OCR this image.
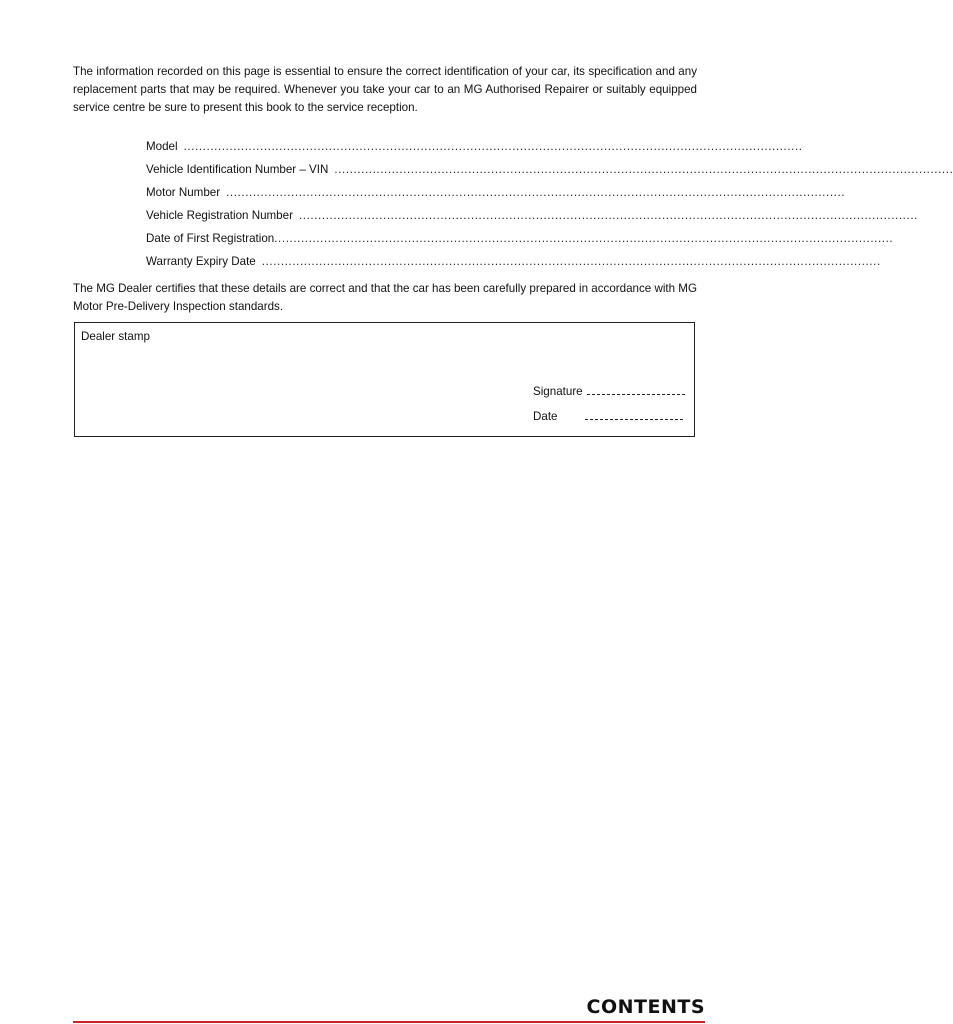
The information recorded on this page is essential to ensure the correct identification of your car, its specification and any replacement parts that may be required. Whenever you take your car to an MG Authorised Repairer or suitably equipped service centre be sure to present this book to the service reception.

Model ..................................................................................................................................................................
Vehicle Identification Number – VIN ..................................................................................................................................................................
Motor Number ..................................................................................................................................................................
Vehicle Registration Number ..................................................................................................................................................................
Date of First Registration ..................................................................................................................................................................
Warranty Expiry Date ..................................................................................................................................................................

The MG Dealer certifies that these details are correct and that the car has been carefully prepared in accordance with MG Motor Pre-Delivery Inspection standards.

Dealer stamp
Signature
Date
CONTENTS
